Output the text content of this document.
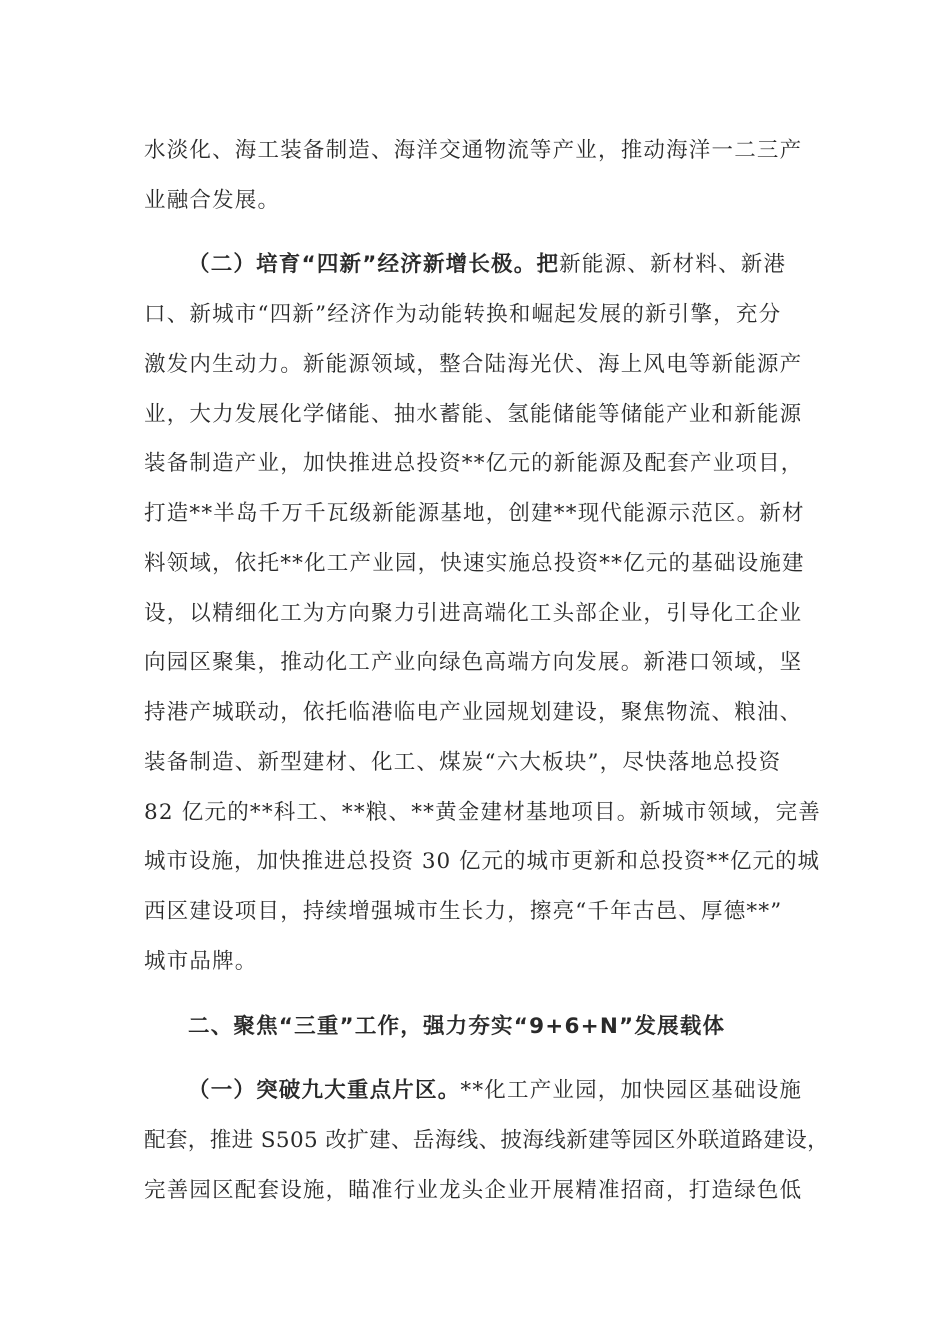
水淡化、海工装备制造、海洋交通物流等产业，推动海洋一二三产
业融合发展。
（二）培育“四新”经济新增长极。把新能源、新材料、新港
口、新城市“四新”经济作为动能转换和崛起发展的新引擎，充分
激发内生动力。新能源领域，整合陆海光伏、海上风电等新能源产
业，大力发展化学储能、抽水蓄能、氢能储能等储能产业和新能源
装备制造产业，加快推进总投资**亿元的新能源及配套产业项目，
打造**半岛千万千瓦级新能源基地，创建**现代能源示范区。新材
料领域，依托**化工产业园，快速实施总投资**亿元的基础设施建
设，以精细化工为方向聚力引进高端化工头部企业，引导化工企业
向园区聚集，推动化工产业向绿色高端方向发展。新港口领域，坚
持港产城联动，依托临港临电产业园规划建设，聚焦物流、粮油、
装备制造、新型建材、化工、煤炭“六大板块”，尽快落地总投资
82 亿元的**科工、**粮、**黄金建材基地项目。新城市领域，完善
城市设施，加快推进总投资 30 亿元的城市更新和总投资**亿元的城
西区建设项目，持续增强城市生长力，擦亮“千年古邑、厚德**”
城市品牌。
二、聚焦“三重”工作，强力夯实“9+6+N”发展载体
（一）突破九大重点片区。**化工产业园，加快园区基础设施
配套，推进 S505 改扩建、岳海线、披海线新建等园区外联道路建设，
完善园区配套设施，瞄准行业龙头企业开展精准招商，打造绿色低
